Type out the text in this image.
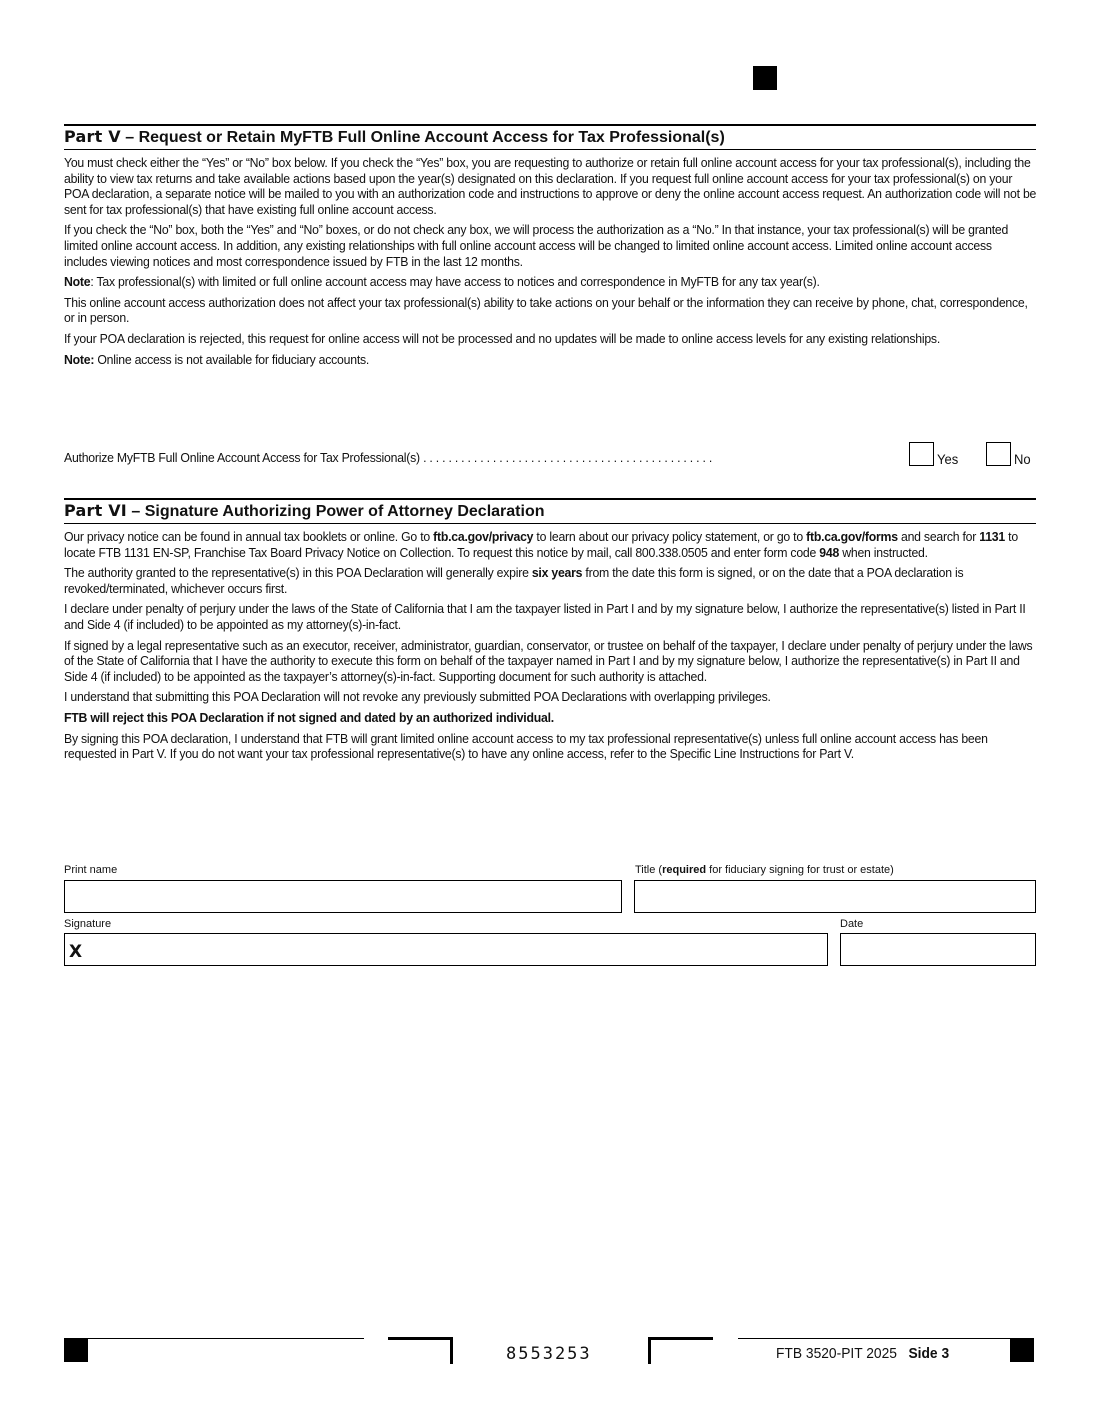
Part V – Request or Retain MyFTB Full Online Account Access for Tax Professional(s)

You must check either the “Yes” or “No” box below. If you check the “Yes” box, you are requesting to authorize or retain full online account access for your tax professional(s), including the ability to view tax returns and take available actions based upon the year(s) designated on this declaration. If you request full online account access for your tax professional(s) on your POA declaration, a separate notice will be mailed to you with an authorization code and instructions to approve or deny the online account access request. An authorization code will not be sent for tax professional(s) that have existing full online account access.

If you check the “No” box, both the “Yes” and “No” boxes, or do not check any box, we will process the authorization as a “No.” In that instance, your tax professional(s) will be granted limited online account access. In addition, any existing relationships with full online account access will be changed to limited online account access. Limited online account access includes viewing notices and most correspondence issued by FTB in the last 12 months.

Note: Tax professional(s) with limited or full online account access may have access to notices and correspondence in MyFTB for any tax year(s).

This online account access authorization does not affect your tax professional(s) ability to take actions on your behalf or the information they can receive by phone, chat, correspondence, or in person.

If your POA declaration is rejected, this request for online access will not be processed and no updates will be made to online access levels for any existing relationships.

Note: Online access is not available for fiduciary accounts.

Authorize MyFTB Full Online Account Access for Tax Professional(s) . . . . . . . . . . . . . . . . . . . . . . . . . . . . . . . . . . . . . . . . . . . . . .	Yes	No
Part VI – Signature Authorizing Power of Attorney Declaration

Our privacy notice can be found in annual tax booklets or online. Go to ftb.ca.gov/privacy to learn about our privacy policy statement, or go to ftb.ca.gov/forms and search for 1131 to locate FTB 1131 EN-SP, Franchise Tax Board Privacy Notice on Collection. To request this notice by mail, call 800.338.0505 and enter form code 948 when instructed.

The authority granted to the representative(s) in this POA Declaration will generally expire six years from the date this form is signed, or on the date that a POA declaration is revoked/terminated, whichever occurs first.

I declare under penalty of perjury under the laws of the State of California that I am the taxpayer listed in Part I and by my signature below, I authorize the representative(s) listed in Part II and Side 4 (if included) to be appointed as my attorney(s)-in-fact.

If signed by a legal representative such as an executor, receiver, administrator, guardian, conservator, or trustee on behalf of the taxpayer, I declare under penalty of perjury under the laws of the State of California that I have the authority to execute this form on behalf of the taxpayer named in Part I and by my signature below, I authorize the representative(s) in Part II and Side 4 (if included) to be appointed as the taxpayer’s attorney(s)-in-fact. Supporting document for such authority is attached.

I understand that submitting this POA Declaration will not revoke any previously submitted POA Declarations with overlapping privileges.

FTB will reject this POA Declaration if not signed and dated by an authorized individual.

By signing this POA declaration, I understand that FTB will grant limited online account access to my tax professional representative(s) unless full online account access has been requested in Part V. If you do not want your tax professional representative(s) to have any online access, refer to the Specific Line Instructions for Part V.

Print name	Title (required for fiduciary signing for trust or estate)
Signature
X
Date
8553253	FTB 3520-PIT 2025 Side 3
